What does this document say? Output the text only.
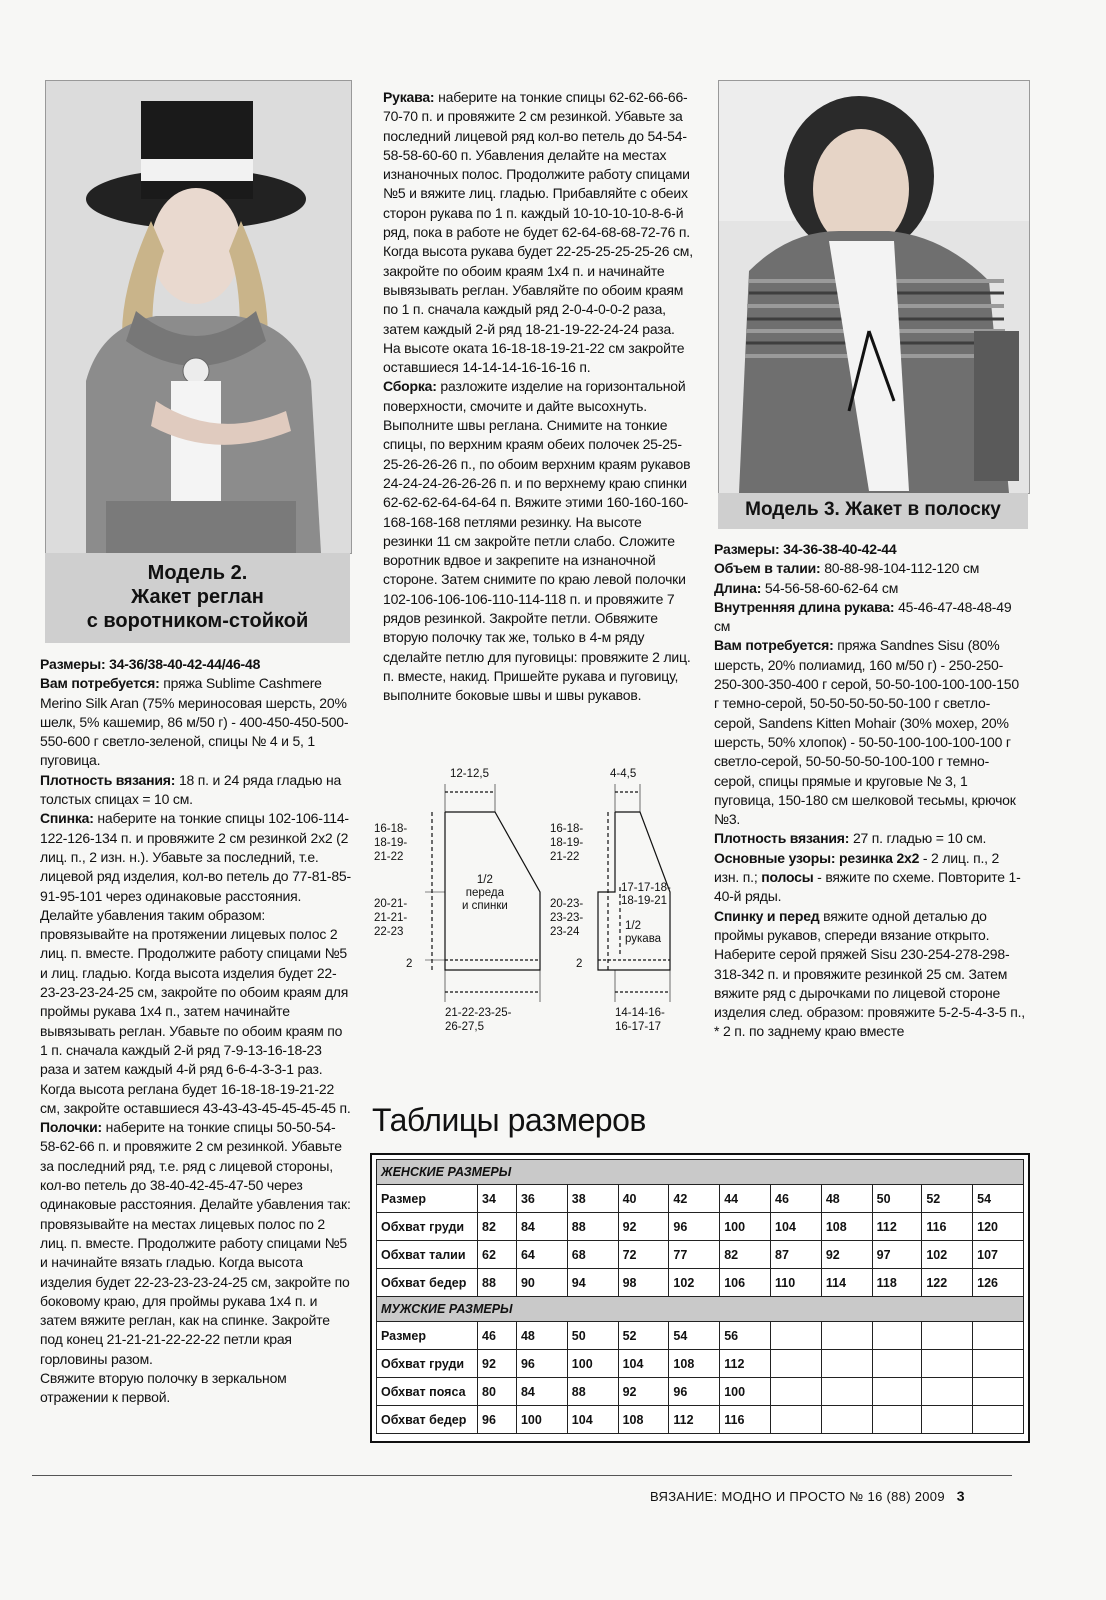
Модель 2.
Жакет реглан
с воротником-стойкой

Размеры: 34-36/38-40-42-44/46-48

Вам потребуется: пряжа Sublime Cashmere Merino Silk Aran (75% мериносовая шерсть, 20% шелк, 5% кашемир, 86 м/50 г) - 400-450-450-500-550-600 г светло-зеленой, спицы № 4 и 5, 1 пуговица.

Плотность вязания: 18 п. и 24 ряда гладью на толстых спицах = 10 см.

Спинка: наберите на тонкие спицы 102-106-114-122-126-134 п. и провяжите 2 см резинкой 2х2 (2 лиц. п., 2 изн. н.). Убавьте за последний, т.е. лицевой ряд изделия, кол-во петель до 77-81-85-91-95-101 через одинаковые расстояния. Делайте убавления таким образом: провязывайте на протяжении лицевых полос 2 лиц. п. вместе. Продолжите работу спицами №5 и лиц. гладью. Когда высота изделия будет 22-23-23-23-24-25 см, закройте по обоим краям для проймы рукава 1х4 п., затем начинайте вывязывать реглан. Убавьте по обоим краям по 1 п. сначала каждый 2-й ряд 7-9-13-16-18-23 раза и затем каждый 4-й ряд 6-6-4-3-3-1 раз. Когда высота реглана будет 16-18-18-19-21-22 см, закройте оставшиеся 43-43-43-45-45-45-45 п.

Полочки: наберите на тонкие спицы 50-50-54-58-62-66 п. и провяжите 2 см резинкой. Убавьте за последний ряд, т.е. ряд с лицевой стороны, кол-во петель до 38-40-42-45-47-50 через одинаковые расстояния. Делайте убавления так: провязывайте на местах лицевых полос по 2 лиц. п. вместе. Продолжите работу спицами №5 и начинайте вязать гладью. Когда высота изделия будет 22-23-23-23-24-25 см, закройте по боковому краю, для проймы рукава 1х4 п. и затем вяжите реглан, как на спинке. Закройте под конец 21-21-21-22-22-22 петли края горловины разом.

Свяжите вторую полочку в зеркальном отражении к первой.

Рукава: наберите на тонкие спицы 62-62-66-66-70-70 п. и провяжите 2 см резинкой. Убавьте за последний лицевой ряд кол-во петель до 54-54-58-58-60-60 п. Убавления делайте на местах изнаночных полос. Продолжите работу спицами №5 и вяжите лиц. гладью. Прибавляйте с обеих сторон рукава по 1 п. каждый 10-10-10-10-8-6-й ряд, пока в работе не будет 62-64-68-68-72-76 п. Когда высота рукава будет 22-25-25-25-25-26 см, закройте по обоим краям 1х4 п. и начинайте вывязывать реглан. Убавляйте по обоим краям по 1 п. сначала каждый ряд 2-0-4-0-0-2 раза, затем каждый 2-й ряд 18-21-19-22-24-24 раза. На высоте оката 16-18-18-19-21-22 см закройте оставшиеся 14-14-14-16-16-16 п.

Сборка: разложите изделие на горизонтальной поверхности, смочите и дайте высохнуть. Выполните швы реглана. Снимите на тонкие спицы, по верхним краям обеих полочек 25-25-25-26-26-26 п., по обоим верхним краям рукавов 24-24-24-26-26-26 п. и по верхнему краю спинки 62-62-62-64-64-64 п. Вяжите этими 160-160-160-168-168-168 петлями резинку. На высоте резинки 11 см закройте петли слабо. Сложите воротник вдвое и закрепите на изнаночной стороне. Затем снимите по краю левой полочки 102-106-106-106-110-114-118 п. и провяжите 7 рядов резинкой. Закройте петли. Обвяжите вторую полочку так же, только в 4-м ряду сделайте петлю для пуговицы: провяжите 2 лиц. п. вместе, накид. Пришейте рукава и пуговицу, выполните боковые швы и швы рукавов.

12-12,5
16-18-
18-19-
21-22
20-21-
21-21-
22-23
2
1/2
переда
и спинки
21-22-23-25-
26-27,5
4-4,5
16-18-
18-19-
21-22
20-23-
23-23-
23-24
2
17-17-18-
18-19-21
1/2
рукава
14-14-16-
16-17-17
Модель 3. Жакет в полоску

Размеры: 34-36-38-40-42-44

Объем в талии: 80-88-98-104-112-120 см

Длина: 54-56-58-60-62-64 см

Внутренняя длина рукава: 45-46-47-48-48-49 см

Вам потребуется: пряжа Sandnes Sisu (80% шерсть, 20% полиамид, 160 м/50 г) - 250-250-250-300-350-400 г серой, 50-50-100-100-100-150 г темно-серой, 50-50-50-50-50-100 г светло-серой, Sandens Kitten Mohair (30% мохер, 20% шерсть, 50% хлопок) - 50-50-100-100-100-100 г светло-серой, 50-50-50-50-100-100 г темно-серой, спицы прямые и круговые № 3, 1 пуговица, 150-180 см шелковой тесьмы, крючок №3.

Плотность вязания: 27 п. гладью = 10 см.

Основные узоры: резинка 2х2 - 2 лиц. п., 2 изн. п.; полосы - вяжите по схеме. Повторите 1-40-й ряды.

Спинку и перед вяжите одной деталью до проймы рукавов, спереди вязание открыто. Наберите серой пряжей Sisu 230-254-278-298-318-342 п. и провяжите резинкой 25 см. Затем вяжите ряд с дырочками по лицевой стороне изделия след. образом: провяжите 5-2-5-4-3-5 п., * 2 п. по заднему краю вместе

Таблицы размеров
ЖЕНСКИЕ РАЗМЕРЫ											
Размер	34	36	38	40	42	44	46	48	50	52	54
Обхват груди	82	84	88	92	96	100	104	108	112	116	120
Обхват талии	62	64	68	72	77	82	87	92	97	102	107
Обхват бедер	88	90	94	98	102	106	110	114	118	122	126
МУЖСКИЕ РАЗМЕРЫ											
Размер	46	48	50	52	54	56					
Обхват груди	92	96	100	104	108	112					
Обхват пояса	80	84	88	92	96	100					
Обхват бедер	96	100	104	108	112	116					
ВЯЗАНИЕ: МОДНО И ПРОСТО № 16 (88) 2009 3
